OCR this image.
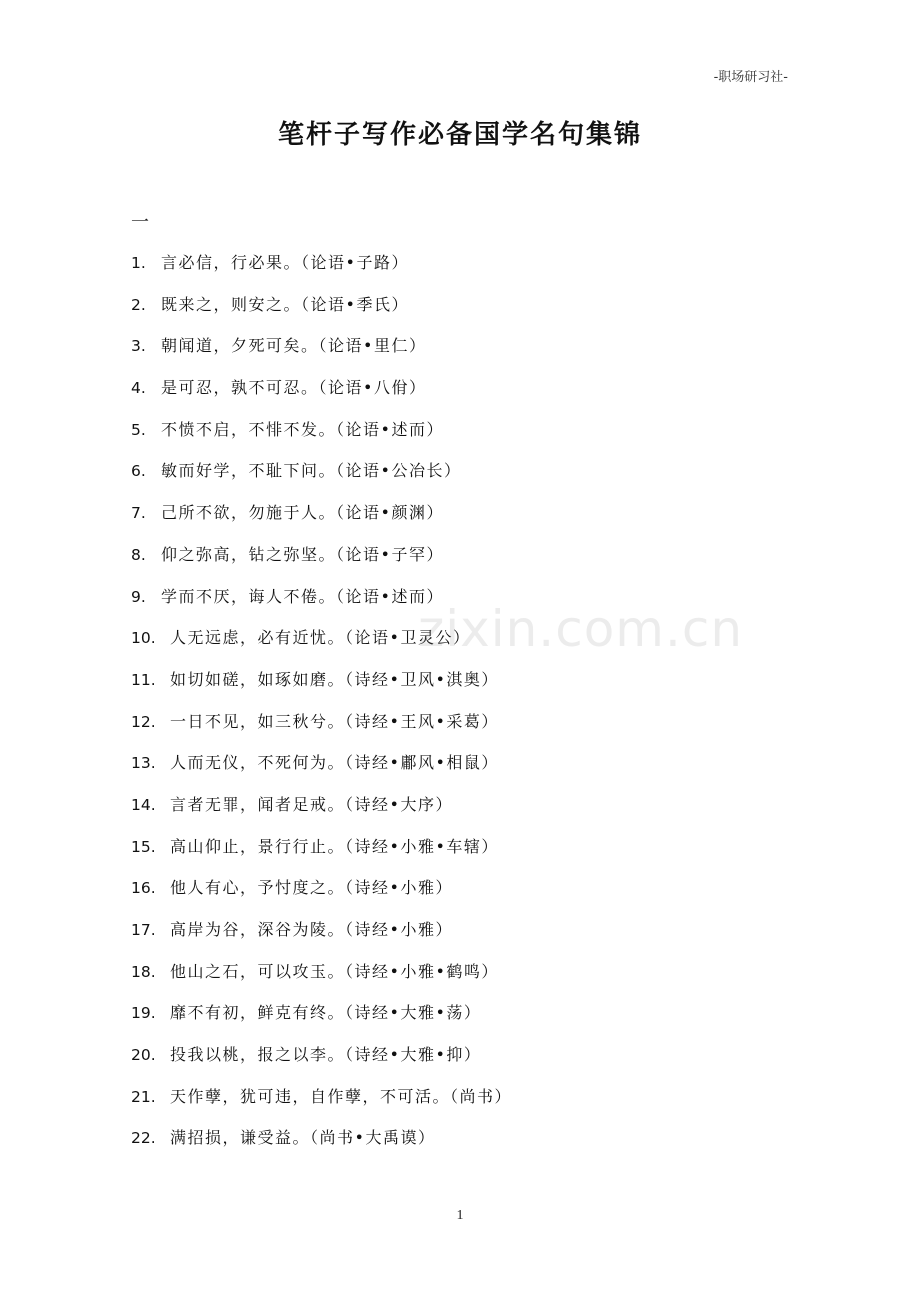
-职场研习社-
笔杆子写作必备国学名句集锦
一
1. 言必信，行必果。（论语•子路）
2. 既来之，则安之。（论语•季氏）
3. 朝闻道，夕死可矣。（论语•里仁）
4. 是可忍，孰不可忍。（论语•八佾）
5. 不愤不启，不悱不发。（论语•述而）
6. 敏而好学，不耻下问。（论语•公冶长）
7. 己所不欲，勿施于人。（论语•颜渊）
8. 仰之弥高，钻之弥坚。（论语•子罕）
9. 学而不厌，诲人不倦。（论语•述而）
10. 人无远虑，必有近忧。（论语•卫灵公）
11. 如切如磋，如琢如磨。（诗经•卫风•淇奥）
12. 一日不见，如三秋兮。（诗经•王风•采葛）
13. 人而无仪，不死何为。（诗经•鄘风•相鼠）
14. 言者无罪，闻者足戒。（诗经•大序）
15. 高山仰止，景行行止。（诗经•小雅•车辖）
16. 他人有心，予忖度之。（诗经•小雅）
17. 高岸为谷，深谷为陵。（诗经•小雅）
18. 他山之石，可以攻玉。（诗经•小雅•鹤鸣）
19. 靡不有初，鲜克有终。（诗经•大雅•荡）
20. 投我以桃，报之以李。（诗经•大雅•抑）
21. 天作孽，犹可违，自作孽，不可活。（尚书）
22. 满招损，谦受益。（尚书•大禹谟）
zixin.com.cn
1
